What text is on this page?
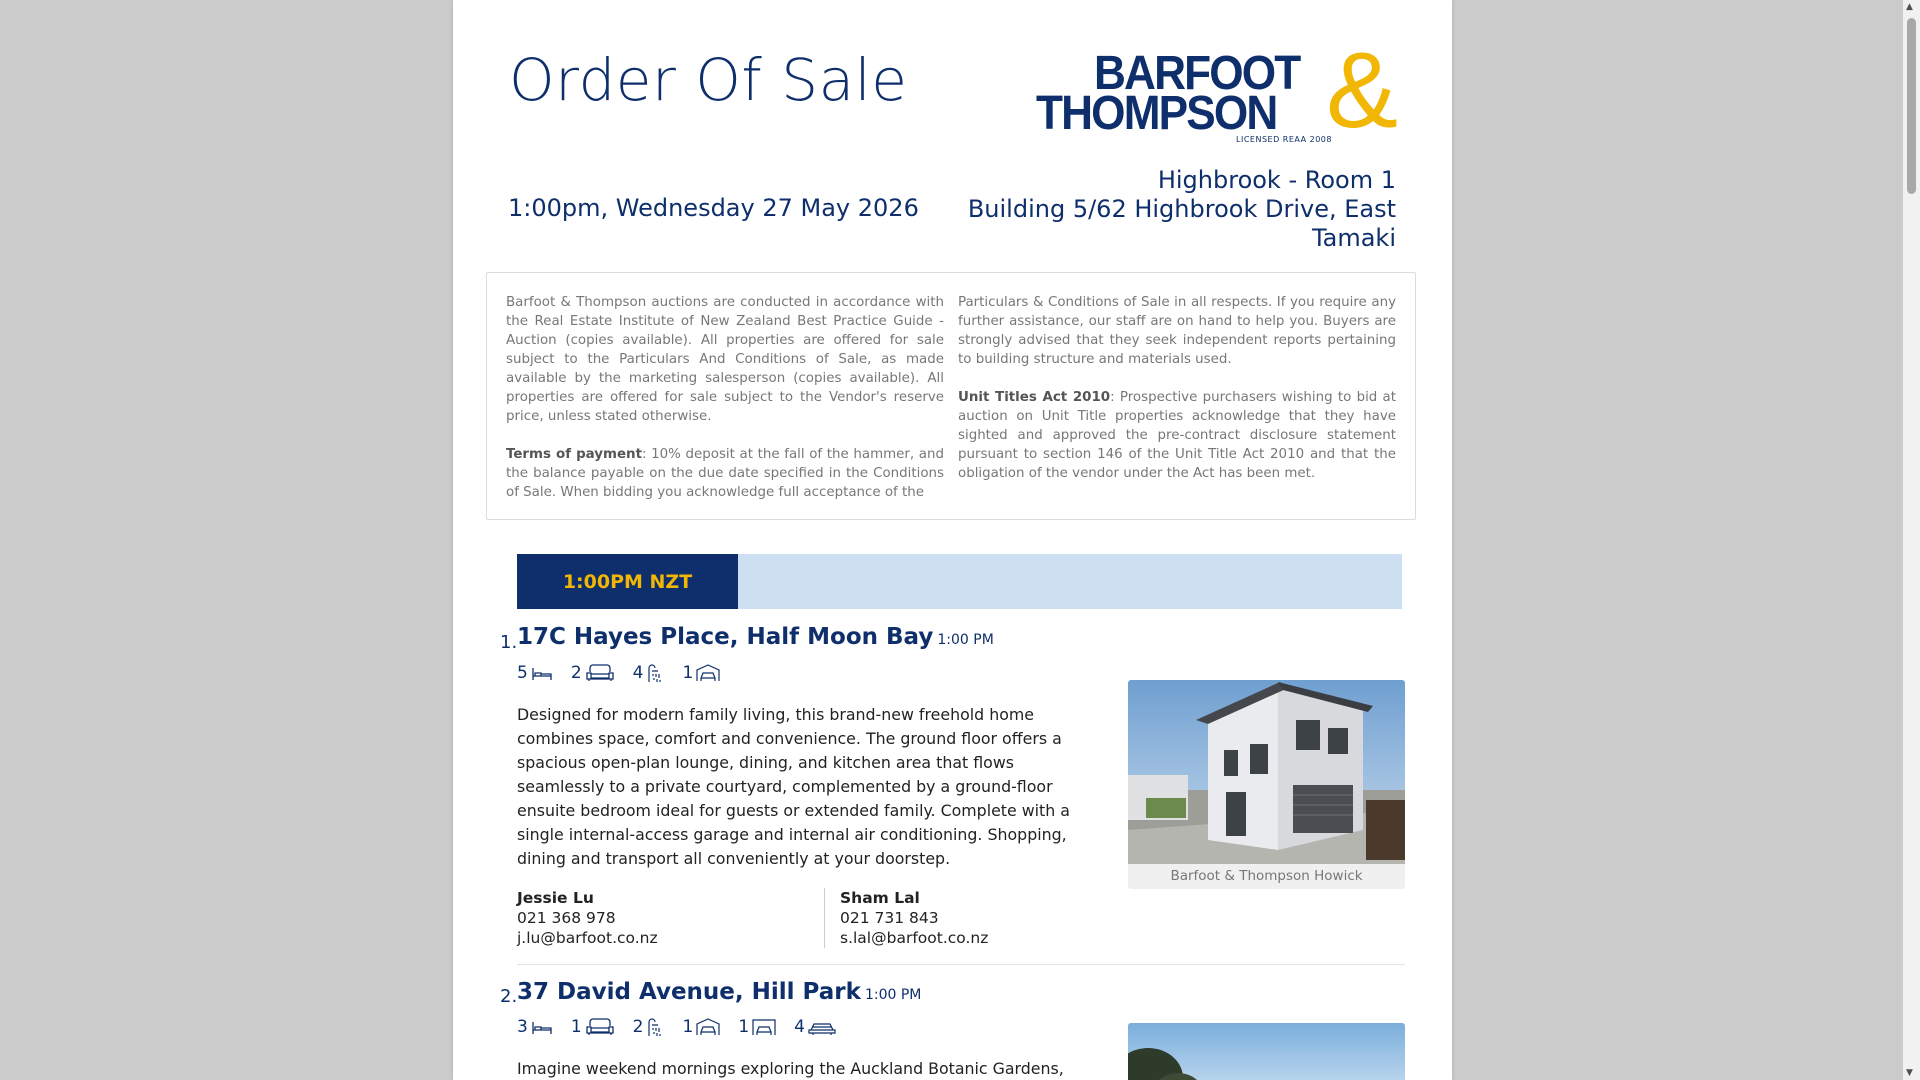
Order Of Sale	BARFOOT
THOMPSON &
LICENSED REAA 2008
1:00pm, Wednesday 27 May 2026
Highbrook - Room 1
Building 5/62 Highbrook Drive, East Tamaki

Barfoot & Thompson auctions are conducted in accordance with the Real Estate Institute of New Zealand Best Practice Guide - Auction (copies available). All properties are offered for sale subject to the Particulars And Conditions of Sale, as made available by the marketing salesperson (copies available). All properties are offered for sale subject to the Vendor's reserve price, unless stated otherwise.

Terms of payment: 10% deposit at the fall of the hammer, and the balance payable on the due date specified in the Conditions of Sale. When bidding you acknowledge full acceptance of the

Particulars & Conditions of Sale in all respects. If you require any further assistance, our staff are on hand to help you. Buyers are strongly advised that they seek independent reports pertaining to building structure and materials used.

Unit Titles Act 2010: Prospective purchasers wishing to bid at auction on Unit Title properties acknowledge that they have sighted and approved the pre-contract disclosure statement pursuant to section 146 of the Unit Title Act 2010 and that the obligation of the vendor under the Act has been met.

1:00PM NZT
1. 17C Hayes Place, Half Moon Bay 1:00 PM
5	2	4 1
Designed for modern family living, this brand-new freehold home combines space, comfort and convenience. The ground floor offers a spacious open-plan lounge, dining, and kitchen area that flows seamlessly to a private courtyard, complemented by a ground-floor ensuite bedroom ideal for guests or extended family. Complete with a single internal-access garage and internal air conditioning. Shopping, dining and transport all conveniently at your doorstep.
Jessie Lu
021 368 978
j.lu@barfoot.co.nz
Sham Lal
021 731 843
s.lal@barfoot.co.nz
Barfoot & Thompson Howick
2. 37 David Avenue, Hill Park 1:00 PM
3	1	2 1	1	4
Imagine weekend mornings exploring the Auckland Botanic Gardens,
▲
▼
